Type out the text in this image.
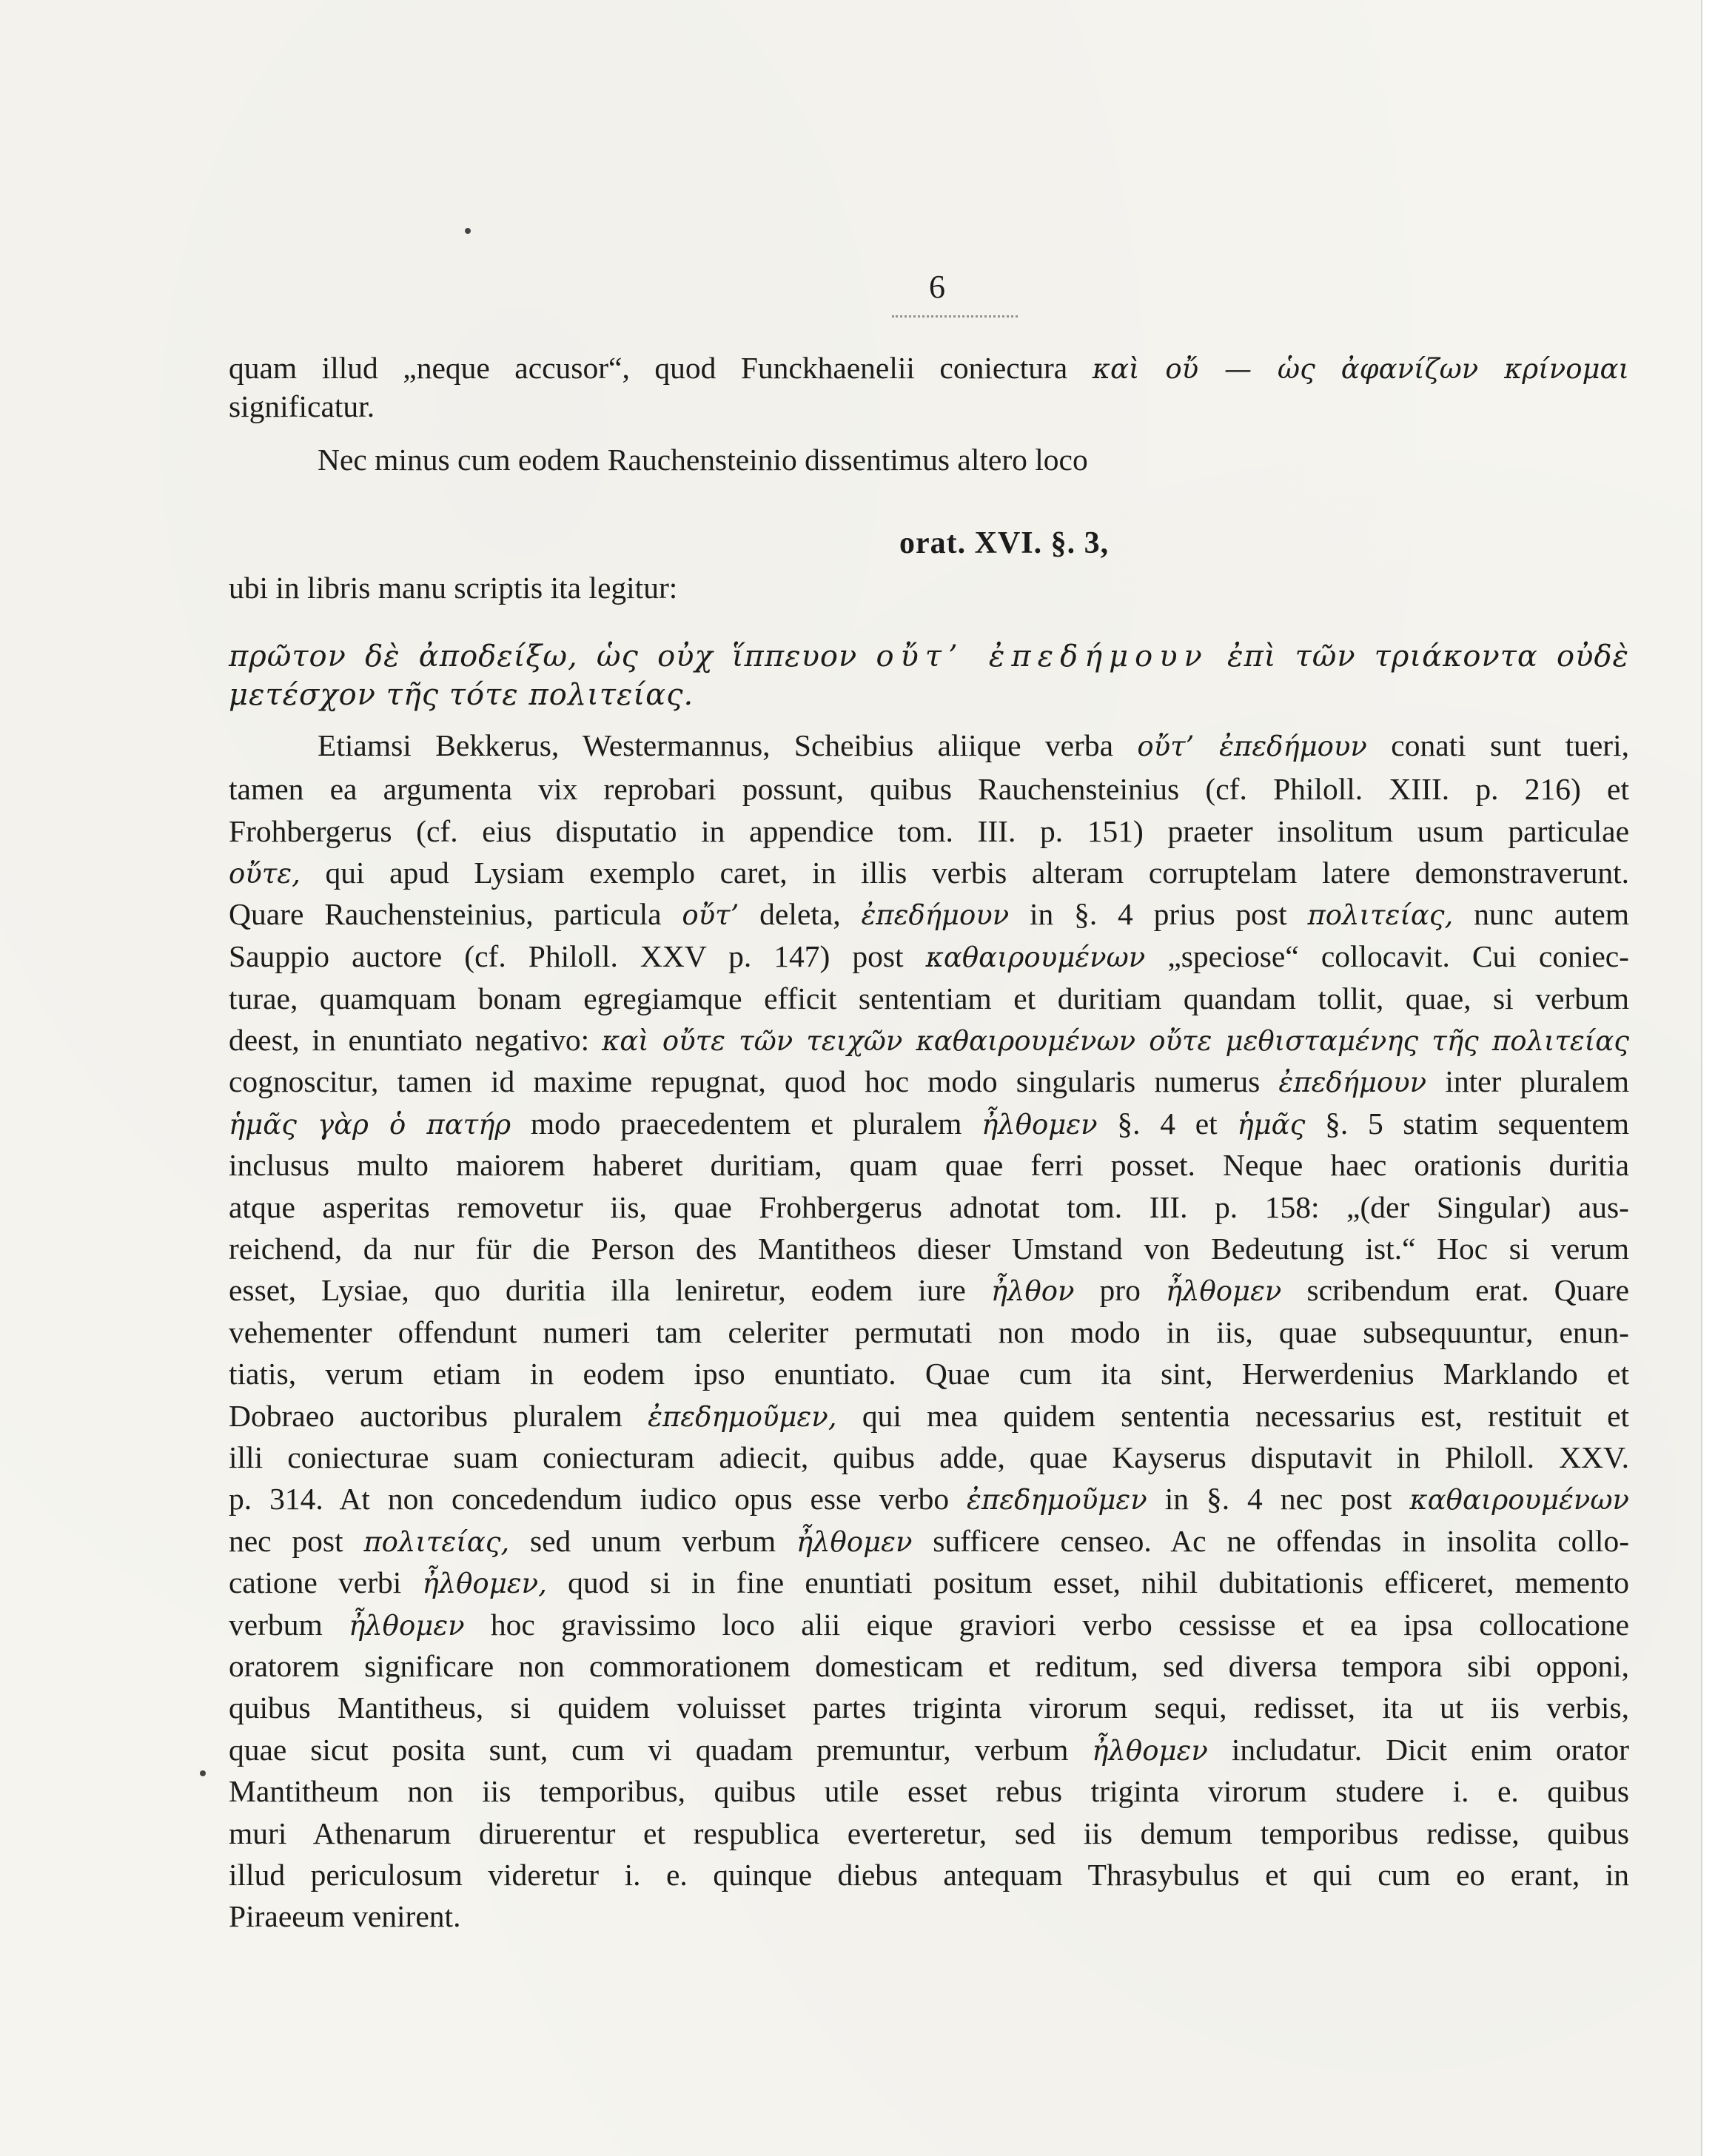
6
quam illud „neque accusor“, quod Funckhaenelii coniectura καὶ οὔ — ὡς ἀφανίζων κρίνομαι
significatur.
Nec minus cum eodem Rauchensteinio dissentimus altero loco
orat. XVI. §. 3,
ubi in libris manu scriptis ita legitur:
πρῶτον δὲ ἀποδείξω, ὡς οὐχ ἵππευον οὔτ’ ἐπεδήμουν ἐπὶ τῶν τριάκοντα οὐδὲ
μετέσχον τῆς τότε πολιτείας.
Etiamsi Bekkerus, Westermannus, Scheibius aliique verba οὔτ’ ἐπεδήμουν conati sunt tueri,
tamen ea argumenta vix reprobari possunt, quibus Rauchensteinius (cf. Philoll. XIII. p. 216) et
Frohbergerus (cf. eius disputatio in appendice tom. III. p. 151) praeter insolitum usum particulae
οὔτε, qui apud Lysiam exemplo caret, in illis verbis alteram corruptelam latere demonstraverunt.
Quare Rauchensteinius, particula οὔτ’ deleta, ἐπεδήμουν in §. 4 prius post πολιτείας, nunc autem
Sauppio auctore (cf. Philoll. XXV p. 147) post καθαιρουμένων „speciose“ collocavit. Cui coniec-
turae, quamquam bonam egregiamque efficit sententiam et duritiam quandam tollit, quae, si verbum
deest, in enuntiato negativo: καὶ οὔτε τῶν τειχῶν καθαιρουμένων οὔτε μεθισταμένης τῆς πολιτείας
cognoscitur, tamen id maxime repugnat, quod hoc modo singularis numerus ἐπεδήμουν inter pluralem
ἡμᾶς γὰρ ὁ πατήρ modo praecedentem et pluralem ἦλθομεν §. 4 et ἡμᾶς §. 5 statim sequentem
inclusus multo maiorem haberet duritiam, quam quae ferri posset. Neque haec orationis duritia
atque asperitas removetur iis, quae Frohbergerus adnotat tom. III. p. 158: „(der Singular) aus-
reichend, da nur für die Person des Mantitheos dieser Umstand von Bedeutung ist.“ Hoc si verum
esset, Lysiae, quo duritia illa leniretur, eodem iure ἦλθον pro ἦλθομεν scribendum erat. Quare
vehementer offendunt numeri tam celeriter permutati non modo in iis, quae subsequuntur, enun-
tiatis, verum etiam in eodem ipso enuntiato. Quae cum ita sint, Herwerdenius Marklando et
Dobraeo auctoribus pluralem ἐπεδημοῦμεν, qui mea quidem sententia necessarius est, restituit et
illi coniecturae suam coniecturam adiecit, quibus adde, quae Kayserus disputavit in Philoll. XXV.
p. 314. At non concedendum iudico opus esse verbo ἐπεδημοῦμεν in §. 4 nec post καθαιρουμένων
nec post πολιτείας, sed unum verbum ἦλθομεν sufficere censeo. Ac ne offendas in insolita collo-
catione verbi ἦλθομεν, quod si in fine enuntiati positum esset, nihil dubitationis efficeret, memento
verbum ἦλθομεν hoc gravissimo loco alii eique graviori verbo cessisse et ea ipsa collocatione
oratorem significare non commorationem domesticam et reditum, sed diversa tempora sibi opponi,
quibus Mantitheus, si quidem voluisset partes triginta virorum sequi, redisset, ita ut iis verbis,
quae sicut posita sunt, cum vi quadam premuntur, verbum ἦλθομεν includatur. Dicit enim orator
Mantitheum non iis temporibus, quibus utile esset rebus triginta virorum studere i. e. quibus
muri Athenarum diruerentur et respublica everteretur, sed iis demum temporibus redisse, quibus
illud periculosum videretur i. e. quinque diebus antequam Thrasybulus et qui cum eo erant, in
Piraeeum venirent.
